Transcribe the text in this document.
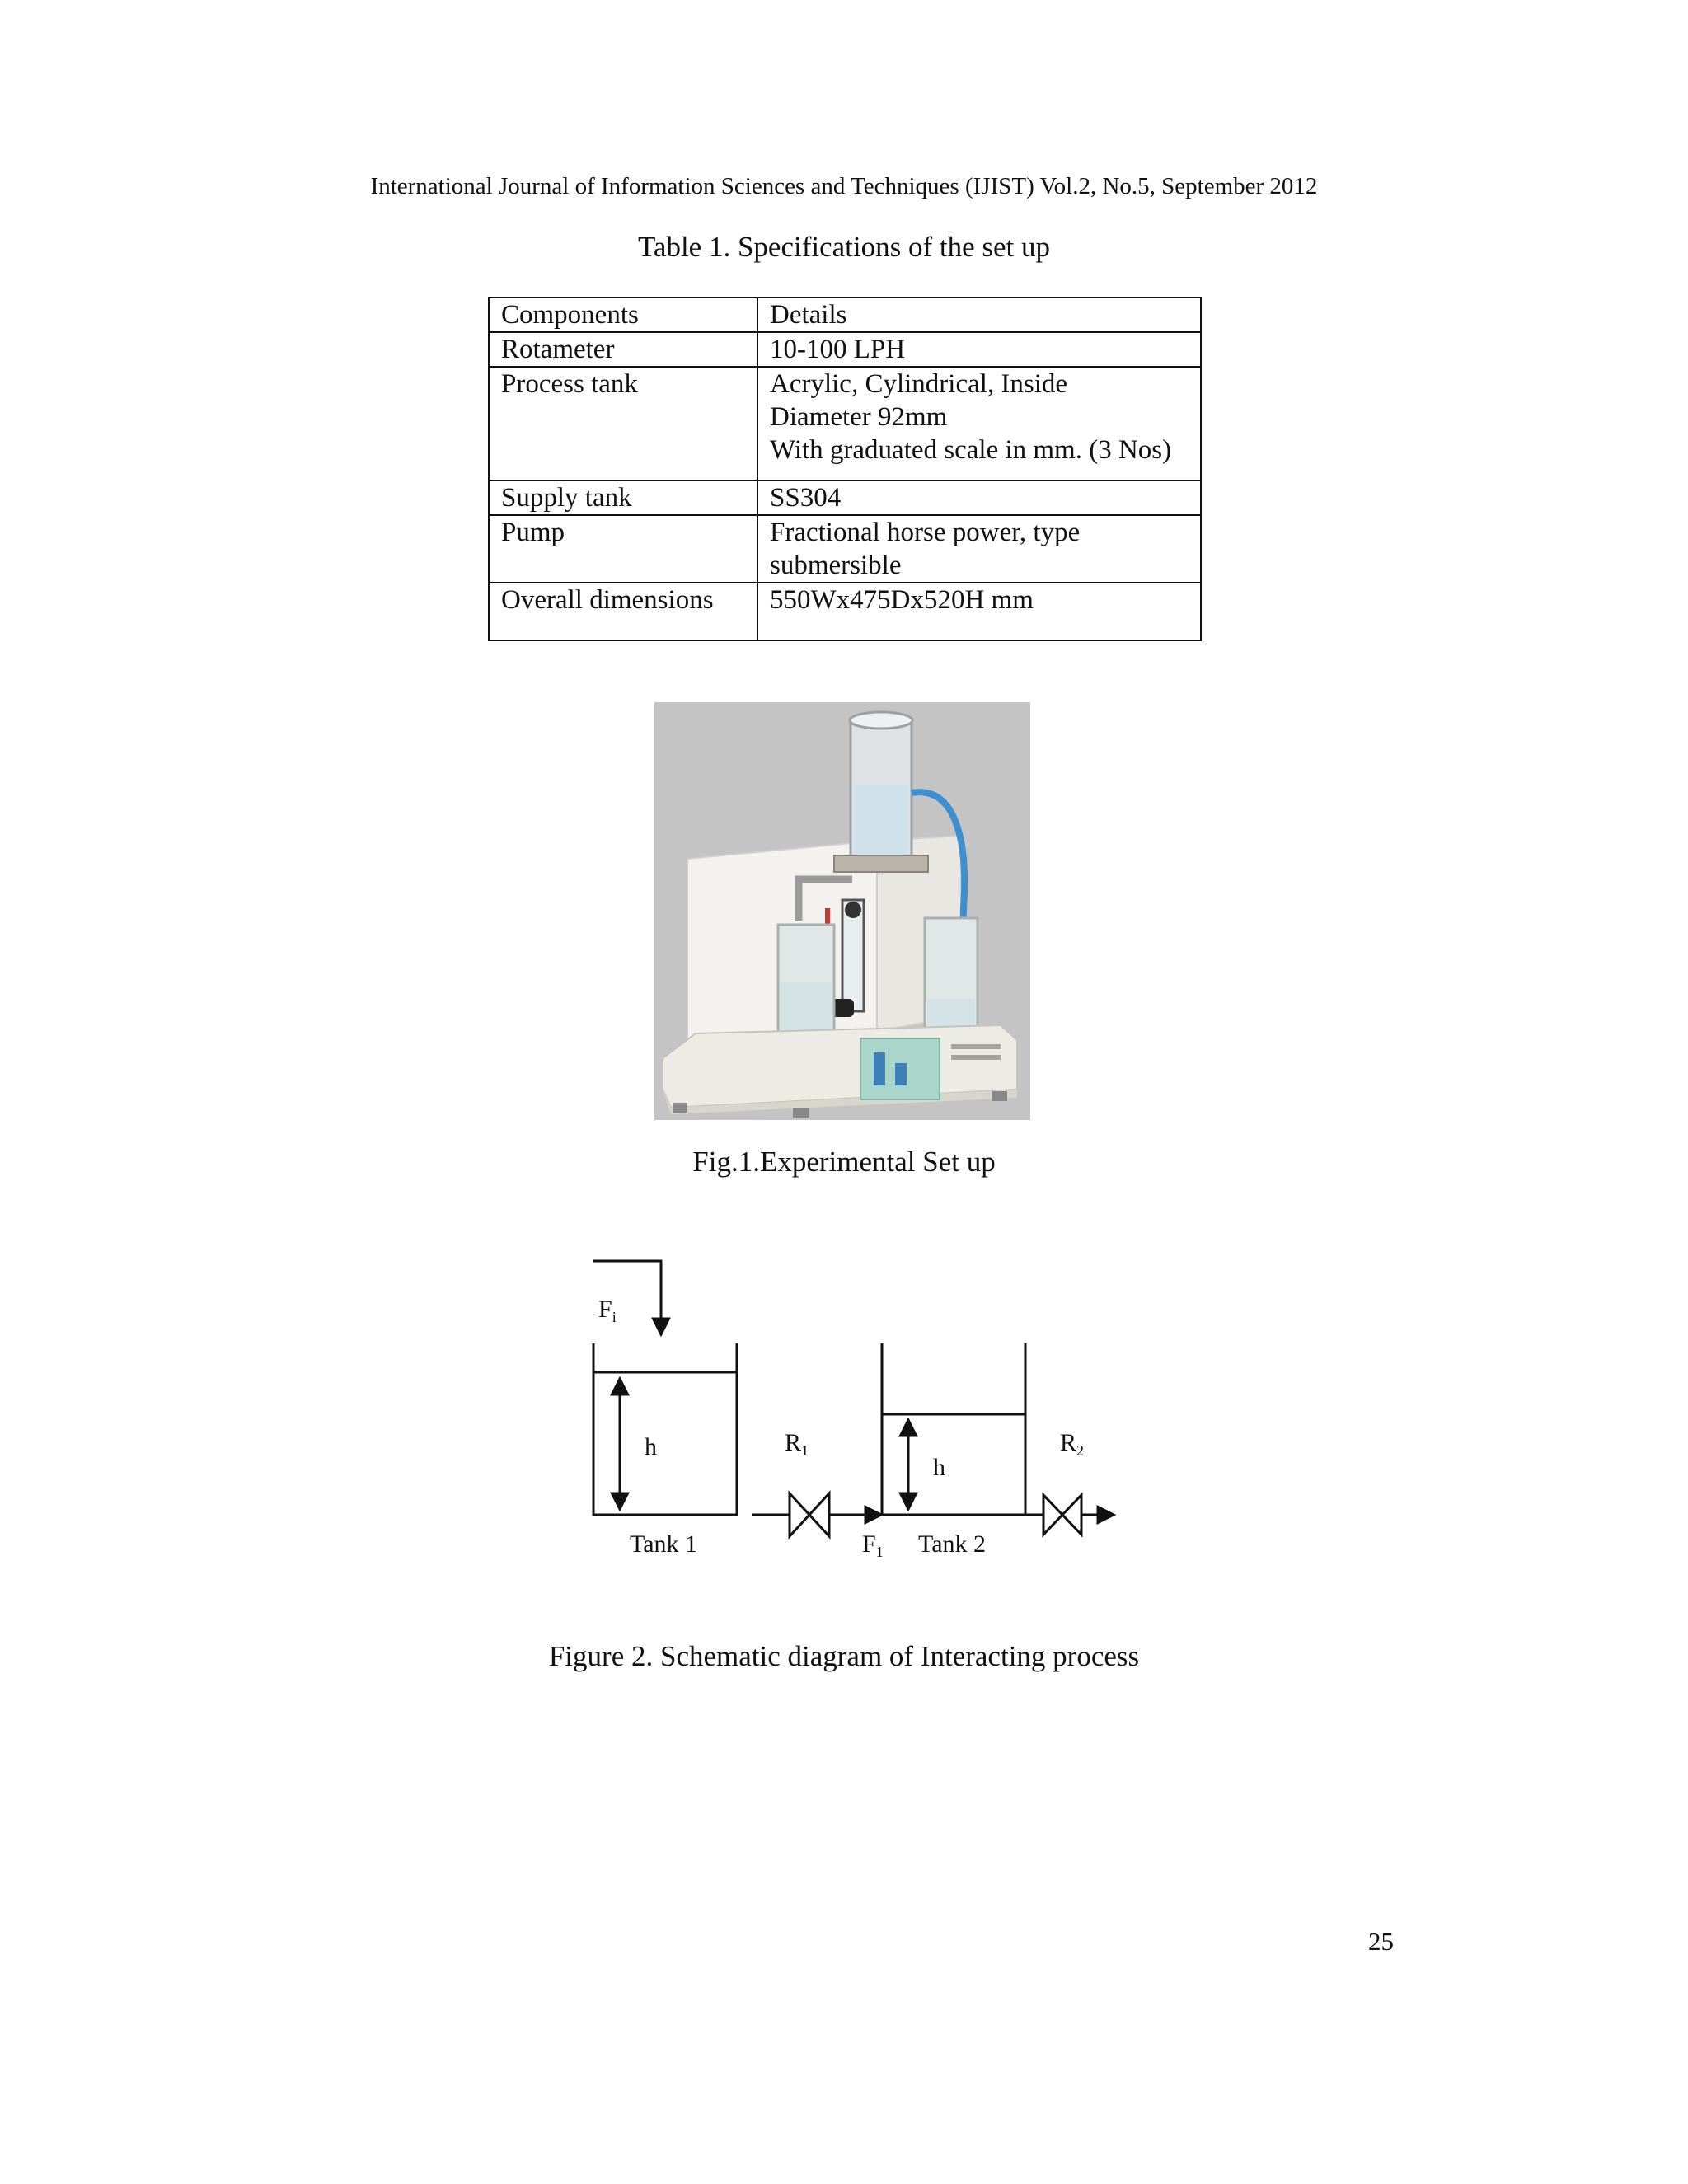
International Journal of Information Sciences and Techniques (IJIST) Vol.2, No.5, September 2012
Table 1. Specifications of the set up
Components	Details
Rotameter	10-100 LPH

Process tank	Acrylic, Cylindrical, Inside
Diameter 92mm
With graduated scale in mm. (3 Nos)

Supply tank	SS304

Pump	Fractional horse power, type
submersible

Overall dimensions	550Wx475Dx520H mm
Fig.1.Experimental Set up
$F_i$
h	$R_1$
h
$R_2$
Tank 1	$F_1$ Tank 2
Figure 2. Schematic diagram of Interacting process
25
